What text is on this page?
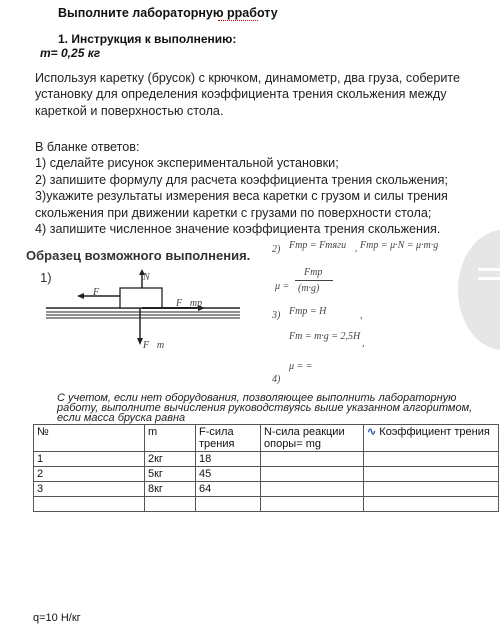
Выполните лабораторную рработу
1. Инструкция к выполнению:
m= 0,25 кг
Используя каретку (брусок) с крючком, динамометр, два груза, соберите
установку для определения коэффициента трения скольжения между
кареткой и поверхностью стола.
В бланке ответов:
1) сделайте рисунок экспериментальной установки;
2) запишите формулу для расчета коэффициента трения скольжения;
3)укажите результаты измерения веса каретки с грузом и силы трения
скольжения при движении каретки с грузами по поверхности стола;
4) запишите численное значение коэффициента трения скольжения.
Образец возможного выполнения.
1)	N⃗
F⃗
F⃗тр
F⃗т
2) Fтр = Fтяги , Fтр = μ·N = μ·m·g
μ =
Fтр
(m·g)
3) Fтр = H	,
Fт = m·g = 2,5H
,
μ = =
4)
С учетом, если нет оборудования, позволяющее выполнить лабораторную
работу, выполните вычисления руководствуясь выше указанном алгоритмом,
если масса бруска равна
№	m	F-сила трения	N-сила реакции опоры= mg	∿ Коэффициент трения
1	2кг	18		
2	5кг	45		
3	8кг	64		

q=10 Н/кг
